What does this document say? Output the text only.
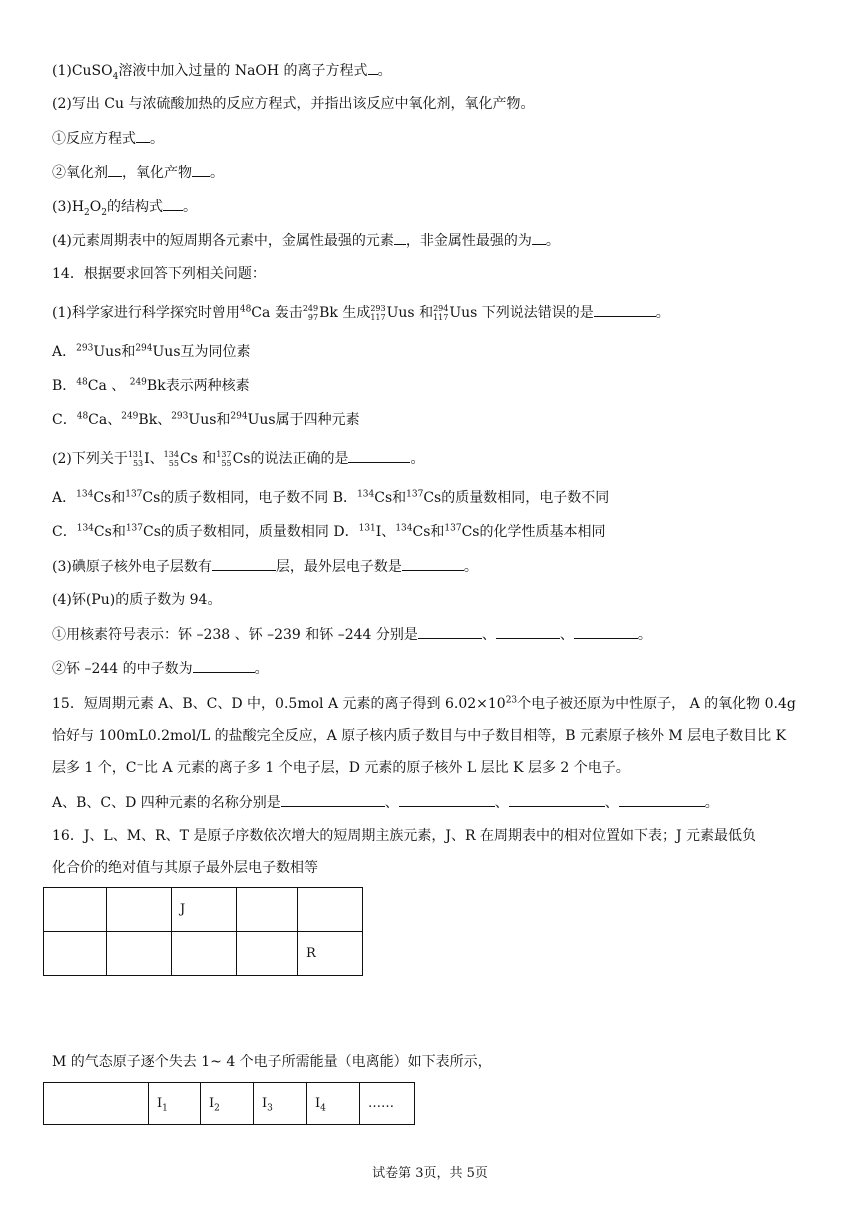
(1)CuSO$_4$溶液中加入过量的 NaOH 的离子方程式 。
(2)写出 Cu 与浓硫酸加热的反应方程式，并指出该反应中氧化剂，氧化产物。
①反应方程式 。
②氧化剂 ，氧化产物 。
$(3)H_2O_2$的结构式 。
(4)元素周期表中的短周期各元素中，金属性最强的元素 ，非金属性最强的为 。
14．根据要求回答下列相关问题：
(1)科学家进行科学探究时曾用$^{48}$Ca 轰击 249
97 Bk 生成 293
117 Uus 和 294
117 Uus 下列说法错误的是	。
A．$^{293}$Uus和$^{294}$Uus互为同位素
B．$^{48}$Ca 、 $^{249}$Bk表示两种核素
C．$^{48}$Ca、$^{249}$Bk、$^{293}$Uus和$^{294}$Uus属于四种元素
(2)下列关于 131
53 I、 134
55 Cs 和 137
55 Cs的说法正确的是	。
A．$^{134}$Cs和$^{137}$Cs的质子数相同，电子数不同 B．$^{134}$Cs和$^{137}$Cs的质量数相同，电子数不同
C．$^{134}$Cs和$^{137}$Cs的质子数相同，质量数相同 D．$^{131}$I、$^{134}$Cs和$^{137}$Cs的化学性质基本相同
(3)碘原子核外电子层数有	层，最外层电子数是	。
(4)钚(Pu)的质子数为 94。
①用核素符号表示：钚 –238 、钚 –239 和钚 –244 分别是	、	、	。
②钚 –244 的中子数为	。
15．短周期元素 A、B、C、D 中，0.5mol A 元素的离子得到 $6.02\times 10^{23}$个电子被还原为中性原子， A 的氧化物 0.4g
恰好与 100mL0.2mol/L 的盐酸完全反应，A 原子核内质子数目与中子数目相等，B 元素原子核外 M 层电子数目比 K
层多 1 个，C⁻比 A 元素的离子多 1 个电子层，D 元素的原子核外 L 层比 K 层多 2 个电子。
A、B、C、D 四种元素的名称分别是	、	、	、	。
16．J、L、M、R、T 是原子序数依次增大的短周期主族元素，J、R 在周期表中的相对位置如下表；J 元素最低负
化合价的绝对值与其原子最外层电子数相等
		J		
				R
M 的气态原子逐个失去 1~ 4 个电子所需能量（电离能）如下表所示，
	$I_1$	$I_2$	$I_3$	$I_4$	……
试卷第 3页，共 5页
